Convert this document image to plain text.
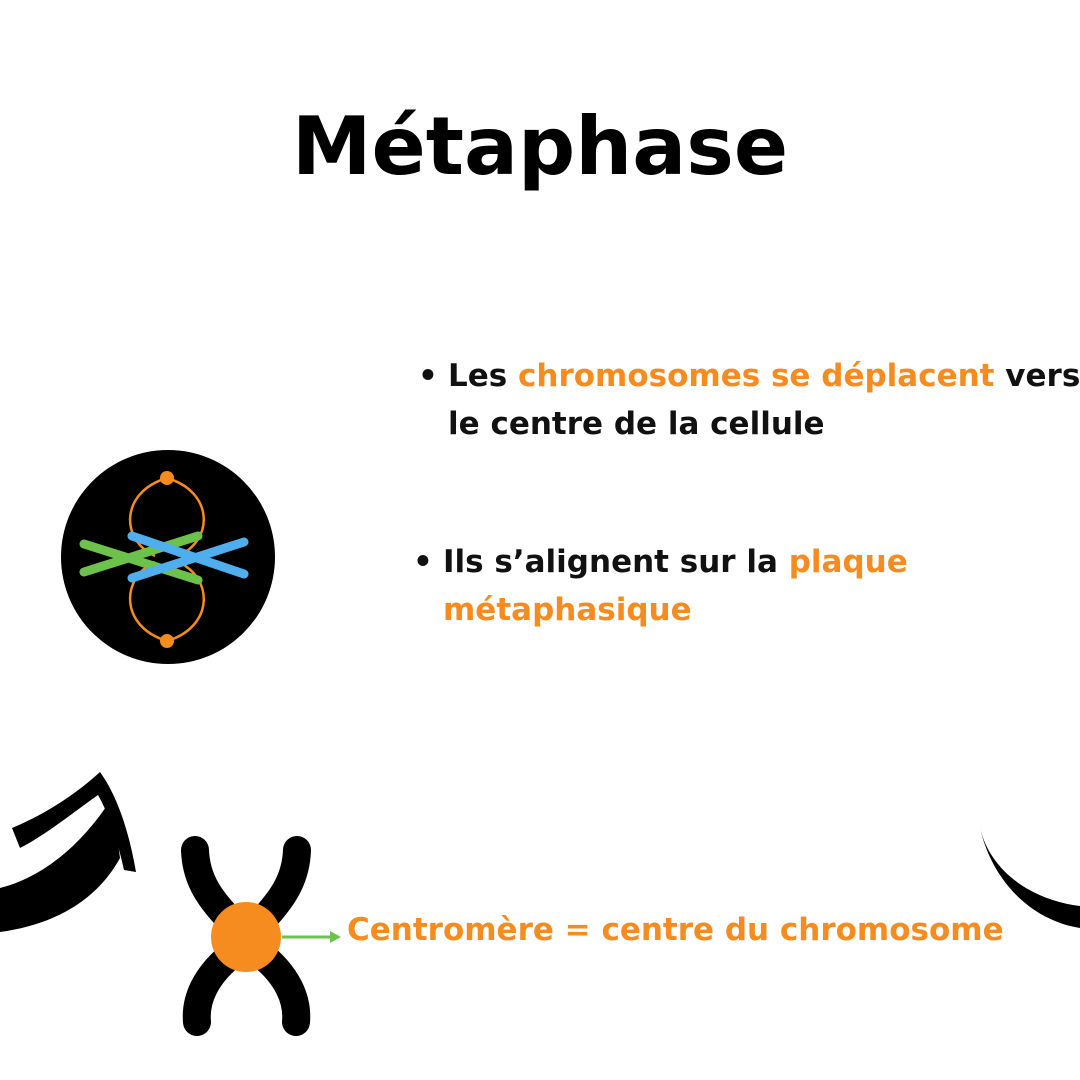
Métaphase
• Les chromosomes se déplacent vers le centre de la cellule
• Ils s’alignent sur la plaque métaphasique
Centromère = centre du chromosome
